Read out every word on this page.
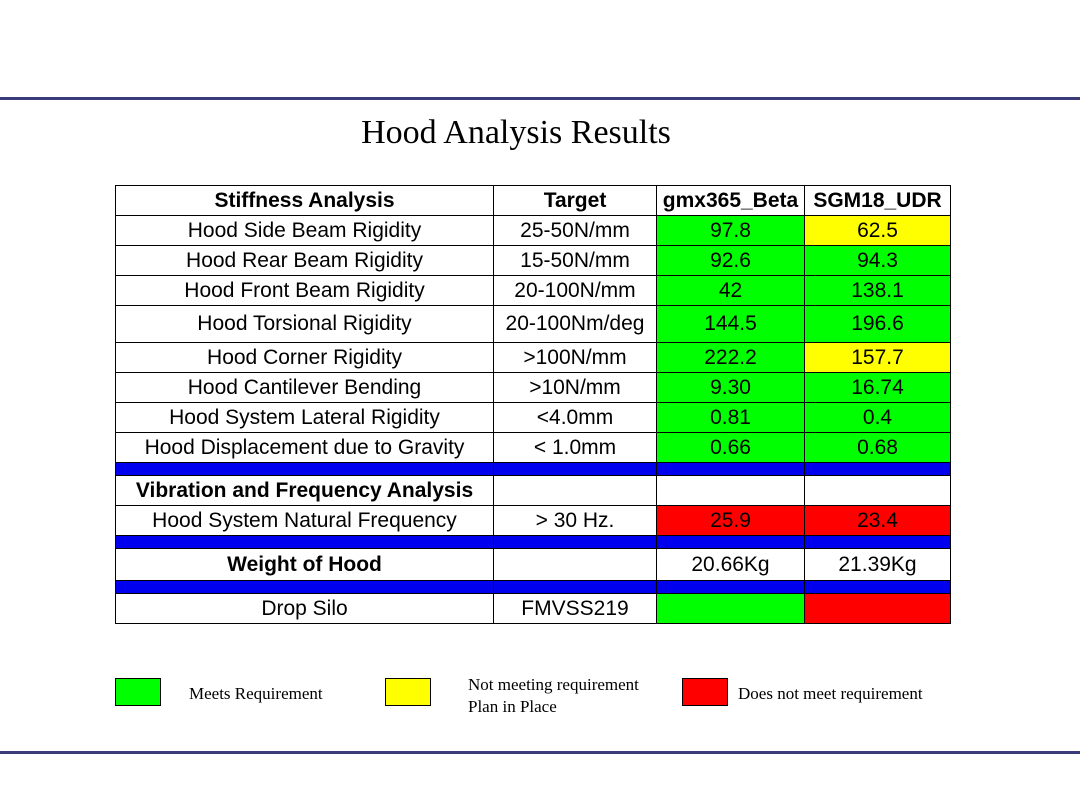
Hood Analysis Results
Stiffness Analysis	Target	gmx365_Beta	SGM18_UDR
Hood Side Beam Rigidity	25-50N/mm	97.8	62.5
Hood Rear Beam Rigidity	15-50N/mm	92.6	94.3
Hood Front Beam Rigidity	20-100N/mm	42	138.1
Hood Torsional Rigidity	20-100Nm/deg	144.5	196.6
Hood Corner Rigidity	>100N/mm	222.2	157.7
Hood Cantilever Bending	>10N/mm	9.30	16.74
Hood System Lateral Rigidity	<4.0mm	0.81	0.4
Hood Displacement due to Gravity	< 1.0mm	0.66	0.68

Vibration and Frequency Analysis			
Hood System Natural Frequency	> 30 Hz.	25.9	23.4

Weight of Hood		20.66Kg	21.39Kg

Drop Silo	FMVSS219		
Meets Requirement	Not meeting requirement
Plan in Place
Does not meet requirement
